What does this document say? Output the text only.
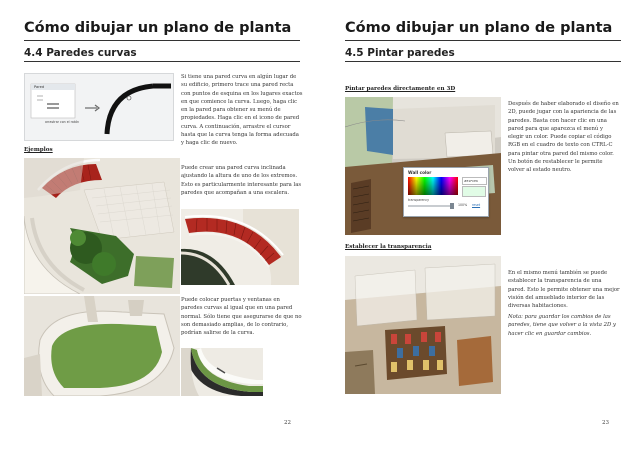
Cómo dibujar un plano de planta
4.4 Paredes curvas
Pared
arrastrar con el ratón
Si tiene una pared curva en algún lugar de su edificio, primero trace una pared recta con puntos de esquina en los lugares exactos en que comience la curva. Luego, haga clic en la pared para obtener su menú de propiedades. Haga clic en el icono de pared curva. A continuación, arrastre el cursor hasta que la curva tenga la forma adecuada y haga clic de nuevo.
Ejemplos
Puede crear una pared curva inclinada ajustando la altura de uno de los extremos. Esto es particularmente interesante para las paredes que acompañan a una escalera.
Puede colocar puertas y ventanas en paredes curvas al igual que en una pared normal. Sólo tiene que asegurarse de que no son demasiado amplias, de lo contrario, podrían salirse de la curva.
22
Cómo dibujar un plano de planta
4.5 Pintar paredes
Pintar paredes directamente en 3D
Wall color
#E1FCE6
transparency
100% reset
Después de haber elaborado el diseño en 2D, puede jugar con la apariencia de las paredes. Basta con hacer clic en una pared para que aparezca el menú y elegir un color. Puede copiar el código RGB en el cuadro de texto con CTRL-C para pintar otra pared del mismo color. Un botón de restablecer le permite volver al estado neutro.
Establecer la transparencia
En el mismo menú también se puede establecer la transparencia de una pared. Esto le permite obtener una mejor visión del amueblado interior de las diversas habitaciones.
Nota: para guardar los cambios de las paredes, tiene que volver a la vista 2D y hacer clic en guardar cambios.
23
